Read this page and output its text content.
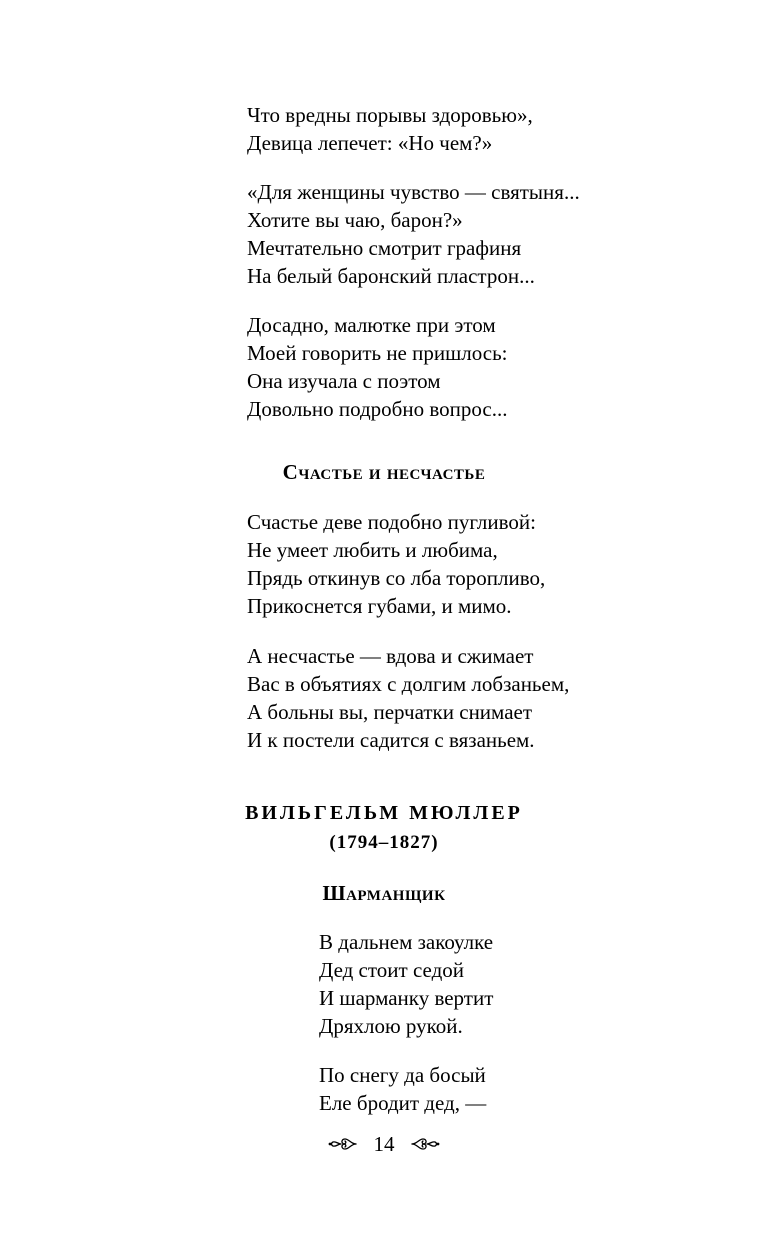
Что вредны порывы здоровью»,

Девица лепечет: «Но чем?»

«Для женщины чувство — святыня...

Хотите вы чаю, барон?»

Мечтательно смотрит графиня

На белый баронский пластрон...

Досадно, малютке при этом

Моей говорить не пришлось:

Она изучала с поэтом

Довольно подробно вопрос...

Счастье и несчастье

Счастье деве подобно пугливой:

Не умеет любить и любима,

Прядь откинув со лба торопливо,

Прикоснется губами, и мимо.

А несчастье — вдова и сжимает

Вас в объятиях с долгим лобзаньем,

А больны вы, перчатки снимает

И к постели садится с вязаньем.

ВИЛЬГЕЛЬМ МЮЛЛЕР
(1794–1827)
Шарманщик

В дальнем закоулке

Дед стоит седой

И шарманку вертит

Дряхлою рукой.

По снегу да босый

Еле бродит дед, —

14
